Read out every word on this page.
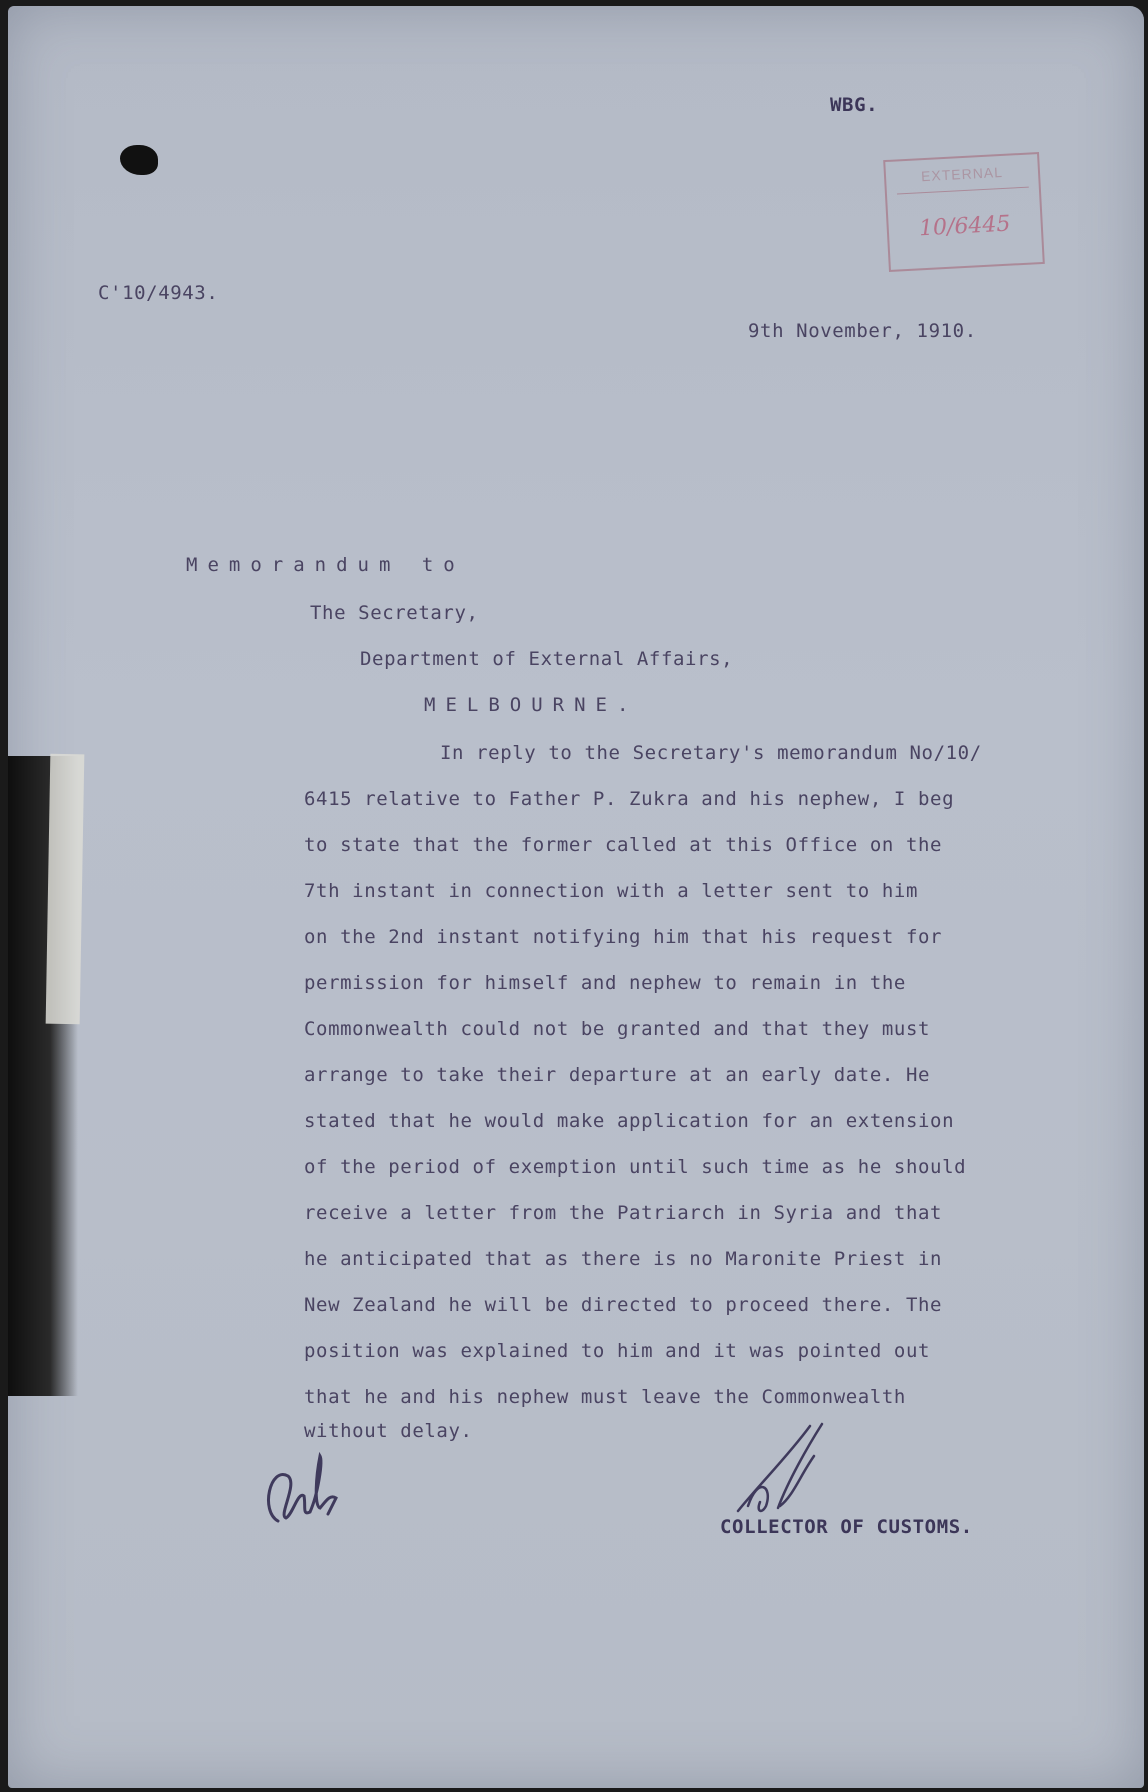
WBG.
EXTERNAL
10/6445
C'10/4943.
9th November, 1910.
Memorandum to
The Secretary,
Department of External Affairs,
MELBOURNE.
In reply to the Secretary's memorandum No/10/
6415 relative to Father P. Zukra and his nephew, I beg
to state that the former called at this Office on the
7th instant in connection with a letter sent to him
on the 2nd instant notifying him that his request for
permission for himself and nephew to remain in the
Commonwealth could not be granted and that they must
arrange to take their departure at an early date. He
stated that he would make application for an extension
of the period of exemption until such time as he should
receive a letter from the Patriarch in Syria and that
he anticipated that as there is no Maronite Priest in
New Zealand he will be directed to proceed there. The
position was explained to him and it was pointed out
that he and his nephew must leave the Commonwealth
without delay.
COLLECTOR OF CUSTOMS.
